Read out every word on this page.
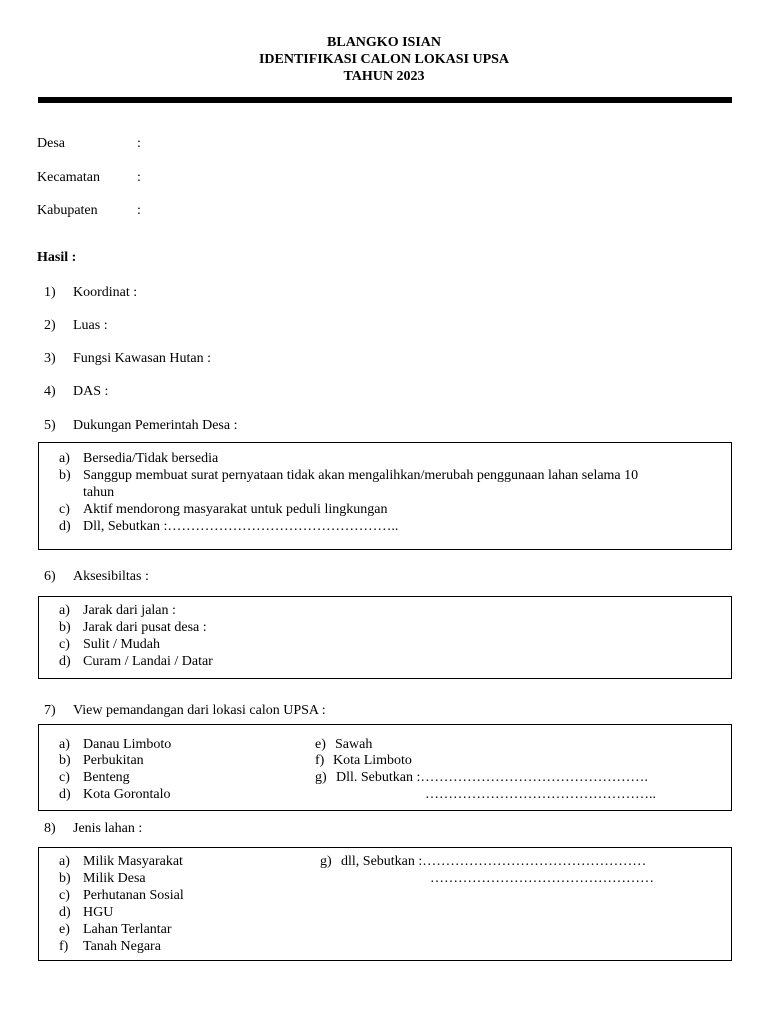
BLANGKO ISIAN
IDENTIFIKASI CALON LOKASI UPSA
TAHUN 2023
Desa	:
Kecamatan	:
Kabupaten	:
Hasil :
1) Koordinat :
2) Luas :
3) Fungsi Kawasan Hutan :
4) DAS :
5) Dukungan Pemerintah Desa :
a) Bersedia/Tidak bersedia
b) Sanggup membuat surat pernyataan tidak akan mengalihkan/merubah penggunaan lahan selama 10
tahun
c) Aktif mendorong masyarakat untuk peduli lingkungan
d) Dll, Sebutkan :…………………………………………..
6) Aksesibiltas :
a) Jarak dari jalan :
b) Jarak dari pusat desa :
c) Sulit / Mudah
d) Curam / Landai / Datar
7) View pemandangan dari lokasi calon UPSA :
a) Danau Limboto
b) Perbukitan
c) Benteng
d) Kota Gorontalo
e) Sawah
f) Kota Limboto
g) Dll. Sebutkan :………………………………………….
…………………………………………..
8) Jenis lahan :
a) Milik Masyarakat
b) Milik Desa
c) Perhutanan Sosial
d) HGU
e) Lahan Terlantar
f) Tanah Negara
g) dll, Sebutkan :…………………………………………
…………………………………………
